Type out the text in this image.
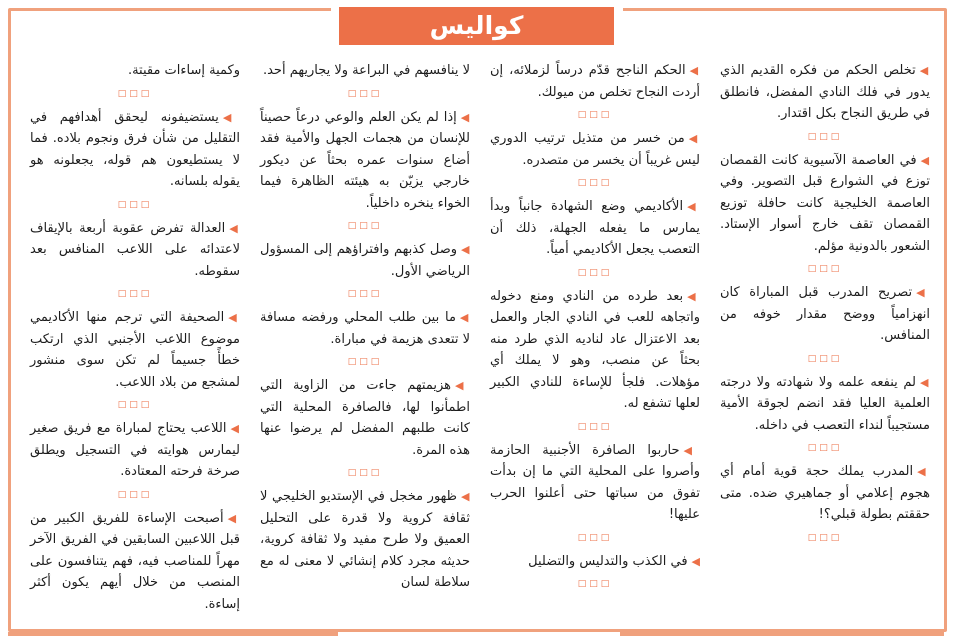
كواليس

◀تخلص الحكم من فكره القديم الذي يدور في فلك النادي المفضل، فانطلق في طريق النجاح بكل اقتدار.

□□□

◀في العاصمة الآسيوية كانت القمصان توزع في الشوارع قبل التصوير. وفي العاصمة الخليجية كانت حافلة توزيع القمصان تقف خارج أسوار الإستاد. الشعور بالدونية مؤلم.

□□□

◀تصريح المدرب قبل المباراة كان انهزامياً ووضح مقدار خوفه من المنافس.

□□□

◀لم ينفعه علمه ولا شهادته ولا درجته العلمية العليا فقد انضم لجوقة الأمية مستجيباً لنداء التعصب في داخله.

□□□

◀المدرب يملك حجة قوية أمام أي هجوم إعلامي أو جماهيري ضده. متى حققتم بطولة قبلي؟!

□□□

◀الحكم الناجح قدّم درساً لزملائه، إن أردت النجاح تخلص من ميولك.

□□□

◀من خسر من متذيل ترتيب الدوري ليس غريباً أن يخسر من متصدره.

□□□

◀الأكاديمي وضع الشهادة جانباً وبدأ يمارس ما يفعله الجهلة، ذلك أن التعصب يجعل الأكاديمي أمياً.

□□□

◀بعد طرده من النادي ومنع دخوله واتجاهه للعب في النادي الجار والعمل بعد الاعتزال عاد لناديه الذي طرد منه بحثاً عن منصب، وهو لا يملك أي مؤهلات. فلجأ للإساءة للنادي الكبير لعلها تشفع له.

□□□

◀حاربوا الصافرة الأجنبية الحازمة وأصروا على المحلية التي ما إن بدأت تفوق من سباتها حتى أعلنوا الحرب عليها!

□□□

◀في الكذب والتدليس والتضليل

□□□

لا ينافسهم في البراعة ولا يجاريهم أحد.

□□□

◀إذا لم يكن العلم والوعي درعاً حصيناً للإنسان من هجمات الجهل والأمية فقد أضاع سنوات عمره بحثاً عن ديكور خارجي يزيّن به هيئته الظاهرة فيما الخواء ينخره داخلياً.

□□□

◀وصل كذبهم وافتراؤهم إلى المسؤول الرياضي الأول.

□□□

◀ما بين طلب المحلي ورفضه مسافة لا تتعدى هزيمة في مباراة.

□□□

◀هزيمتهم جاءت من الزاوية التي اطمأنوا لها، فالصافرة المحلية التي كانت طلبهم المفضل لم يرضوا عنها هذه المرة.

□□□

◀ظهور مخجل في الإستديو الخليجي لا ثقافة كروية ولا قدرة على التحليل العميق ولا طرح مفيد ولا ثقافة كروية، حديثه مجرد كلام إنشائي لا معنى له مع سلاطة لسان

وكمية إساءات مقيتة.

□□□

◀يستضيفونه ليحقق أهدافهم في التقليل من شأن فرق ونجوم بلاده. فما لا يستطيعون هم قوله، يجعلونه هو يقوله بلسانه.

□□□

◀العدالة تفرض عقوبة أربعة بالإيقاف لاعتدائه على اللاعب المنافس بعد سقوطه.

□□□

◀الصحيفة التي ترجم منها الأكاديمي موضوع اللاعب الأجنبي الذي ارتكب خطأً جسيماً لم تكن سوى منشور لمشجع من بلاد اللاعب.

□□□

◀اللاعب يحتاج لمباراة مع فريق صغير ليمارس هوايته في التسجيل ويطلق صرخة فرحته المعتادة.

□□□

◀أصبحت الإساءة للفريق الكبير من قبل اللاعبين السابقين في الفريق الآخر مهراً للمناصب فيه، فهم يتنافسون على المنصب من خلال أيهم يكون أكثر إساءة.
